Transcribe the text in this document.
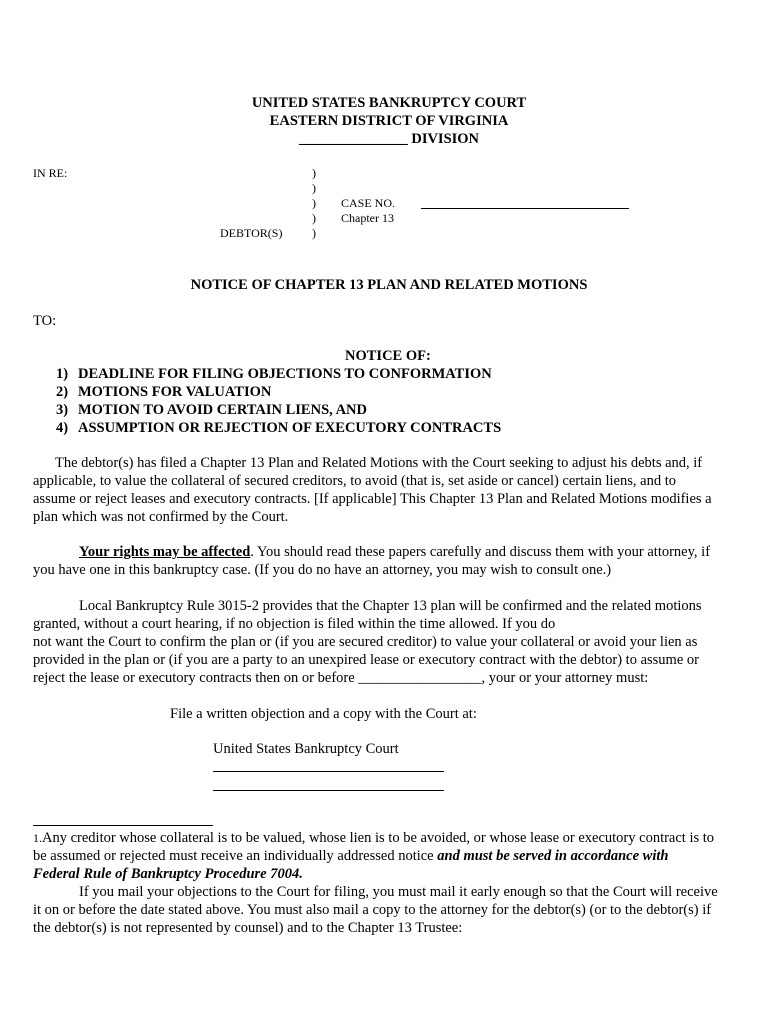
UNITED STATES BANKRUPTCY COURT
EASTERN DISTRICT OF VIRGINIA
_______________ DIVISION
IN RE:	)
)
)
)
)
CASE NO.
Chapter 13
DEBTOR(S)
NOTICE OF CHAPTER 13 PLAN AND RELATED MOTIONS
TO:
NOTICE OF:
1) DEADLINE FOR FILING OBJECTIONS TO CONFORMATION
2) MOTIONS FOR VALUATION
3) MOTION TO AVOID CERTAIN LIENS, AND
4) ASSUMPTION OR REJECTION OF EXECUTORY CONTRACTS
The debtor(s) has filed a Chapter 13 Plan and Related Motions with the Court seeking to adjust his debts and, if
applicable, to value the collateral of secured creditors, to avoid (that is, set aside or cancel) certain liens, and to
assume or reject leases and executory contracts. [If applicable] This Chapter 13 Plan and Related Motions modifies a
plan which was not confirmed by the Court.
Your rights may be affected. You should read these papers carefully and discuss them with your attorney, if
you have one in this bankruptcy case. (If you do no have an attorney, you may wish to consult one.)
Local Bankruptcy Rule 3015-2 provides that the Chapter 13 plan will be confirmed and the related motions
granted, without a court hearing, if no objection is filed within the time allowed. If you do
not want the Court to confirm the plan or (if you are secured creditor) to value your collateral or avoid your lien as
provided in the plan or (if you are a party to an unexpired lease or executory contract with the debtor) to assume or
reject the lease or executory contracts then on or before _________________, your or your attorney must:
File a written objection and a copy with the Court at:
United States Bankruptcy Court
1.Any creditor whose collateral is to be valued, whose lien is to be avoided, or whose lease or executory contract is to
be assumed or rejected must receive an individually addressed notice and must be served in accordance with
Federal Rule of Bankruptcy Procedure 7004.
If you mail your objections to the Court for filing, you must mail it early enough so that the Court will receive
it on or before the date stated above. You must also mail a copy to the attorney for the debtor(s) (or to the debtor(s) if
the debtor(s) is not represented by counsel) and to the Chapter 13 Trustee:
